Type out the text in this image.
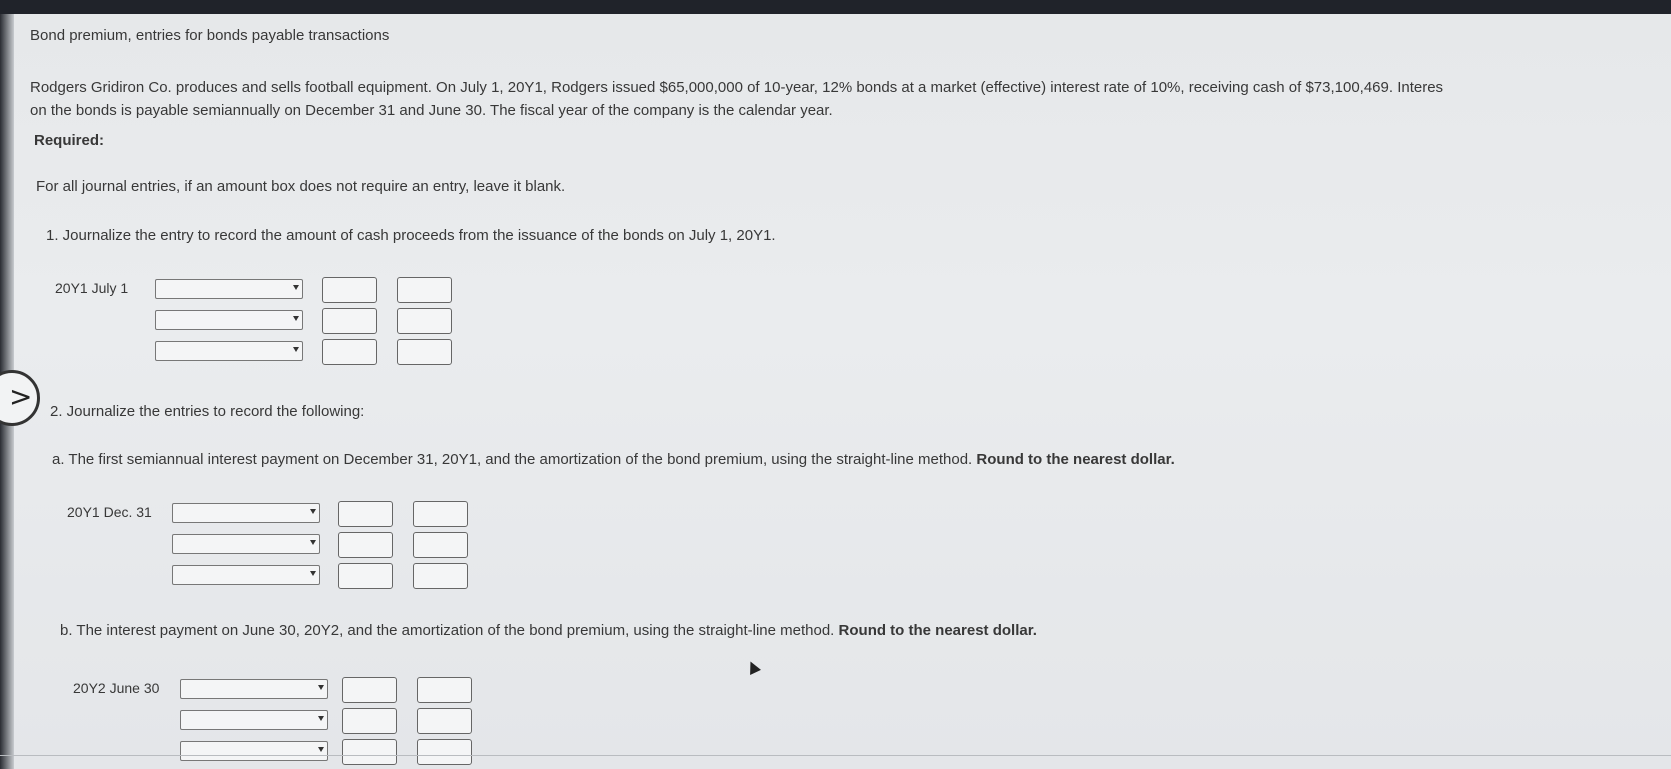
Bond premium, entries for bonds payable transactions
Rodgers Gridiron Co. produces and sells football equipment. On July 1, 20Y1, Rodgers issued $65,000,000 of 10-year, 12% bonds at a market (effective) interest rate of 10%, receiving cash of $73,100,469. Interes
on the bonds is payable semiannually on December 31 and June 30. The fiscal year of the company is the calendar year.
Required:
For all journal entries, if an amount box does not require an entry, leave it blank.
1. Journalize the entry to record the amount of cash proceeds from the issuance of the bonds on July 1, 20Y1.
20Y1 July 1
> 2. Journalize the entries to record the following:
a. The first semiannual interest payment on December 31, 20Y1, and the amortization of the bond premium, using the straight-line method. Round to the nearest dollar.
20Y1 Dec. 31
b. The interest payment on June 30, 20Y2, and the amortization of the bond premium, using the straight-line method. Round to the nearest dollar.
20Y2 June 30
